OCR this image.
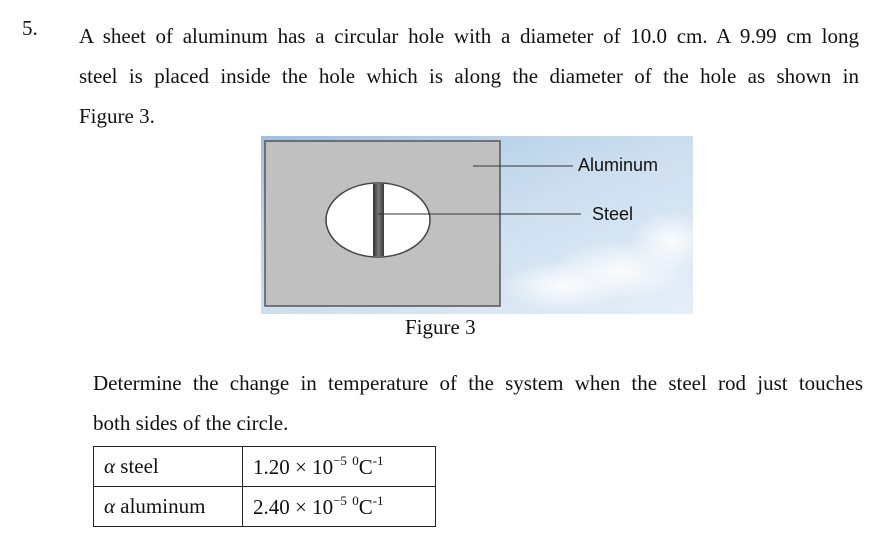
5. A sheet of aluminum has a circular hole with a diameter of 10.0 cm. A 9.99 cm long
steel is placed inside the hole which is along the diameter of the hole as shown in
Figure 3.
Aluminum
Steel
Figure 3
Determine the change in temperature of the system when the steel rod just touches
both sides of the circle.
α steel	$1.20 \times 10^{-5}$ $^0C^{-1}$
α aluminum	$2.40 \times 10^{-5}$ $^0C^{-1}$
